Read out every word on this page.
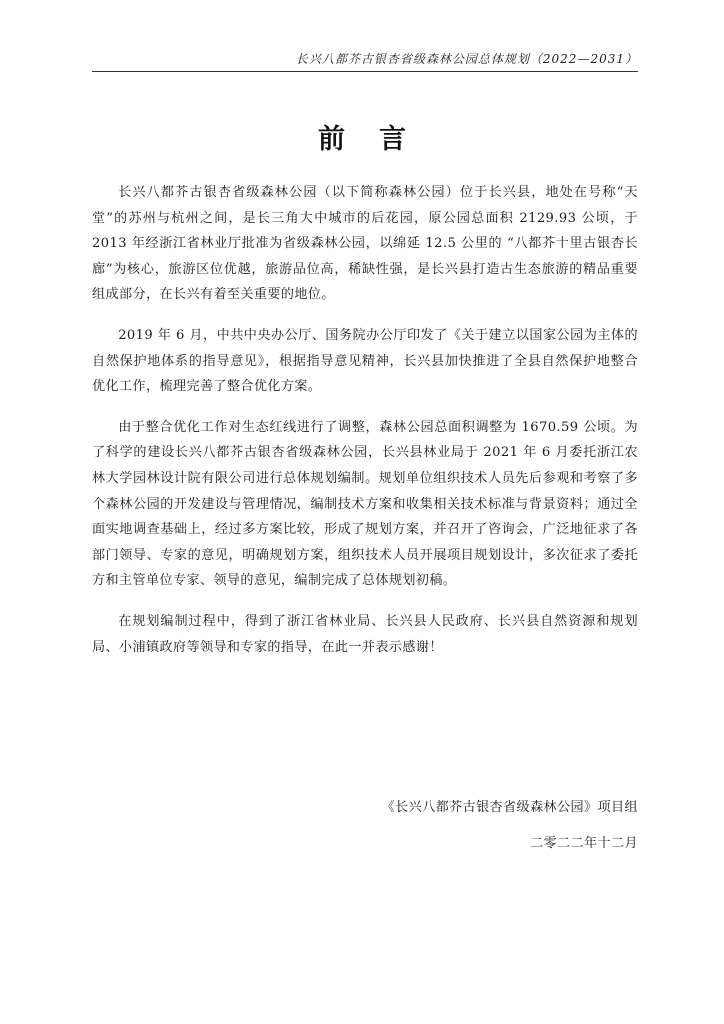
长兴八都芥古银杏省级森林公园总体规划（2022—2031）
前言

长兴八都芥古银杏省级森林公园（以下简称森林公园）位于长兴县，地处在号称“天堂”的苏州与杭州之间，是长三角大中城市的后花园，原公园总面积 2129.93 公顷，于 2013 年经浙江省林业厅批准为省级森林公园，以绵延 12.5 公里的 “八都芥十里古银杏长廊”为核心，旅游区位优越，旅游品位高，稀缺性强，是长兴县打造古生态旅游的精品重要组成部分，在长兴有着至关重要的地位。

2019 年 6 月，中共中央办公厅、国务院办公厅印发了《关于建立以国家公园为主体的自然保护地体系的指导意见》，根据指导意见精神，长兴县加快推进了全县自然保护地整合优化工作，梳理完善了整合优化方案。

由于整合优化工作对生态红线进行了调整，森林公园总面积调整为 1670.59 公顷。为了科学的建设长兴八都芥古银杏省级森林公园，长兴县林业局于 2021 年 6 月委托浙江农林大学园林设计院有限公司进行总体规划编制。规划单位组织技术人员先后参观和考察了多个森林公园的开发建设与管理情况，编制技术方案和收集相关技术标准与背景资料；通过全面实地调查基础上，经过多方案比较，形成了规划方案，并召开了咨询会，广泛地征求了各部门领导、专家的意见，明确规划方案，组织技术人员开展项目规划设计，多次征求了委托方和主管单位专家、领导的意见，编制完成了总体规划初稿。

在规划编制过程中，得到了浙江省林业局、长兴县人民政府、长兴县自然资源和规划局、小浦镇政府等领导和专家的指导，在此一并表示感谢！

《长兴八都芥古银杏省级森林公园》项目组
二零二二年十二月
